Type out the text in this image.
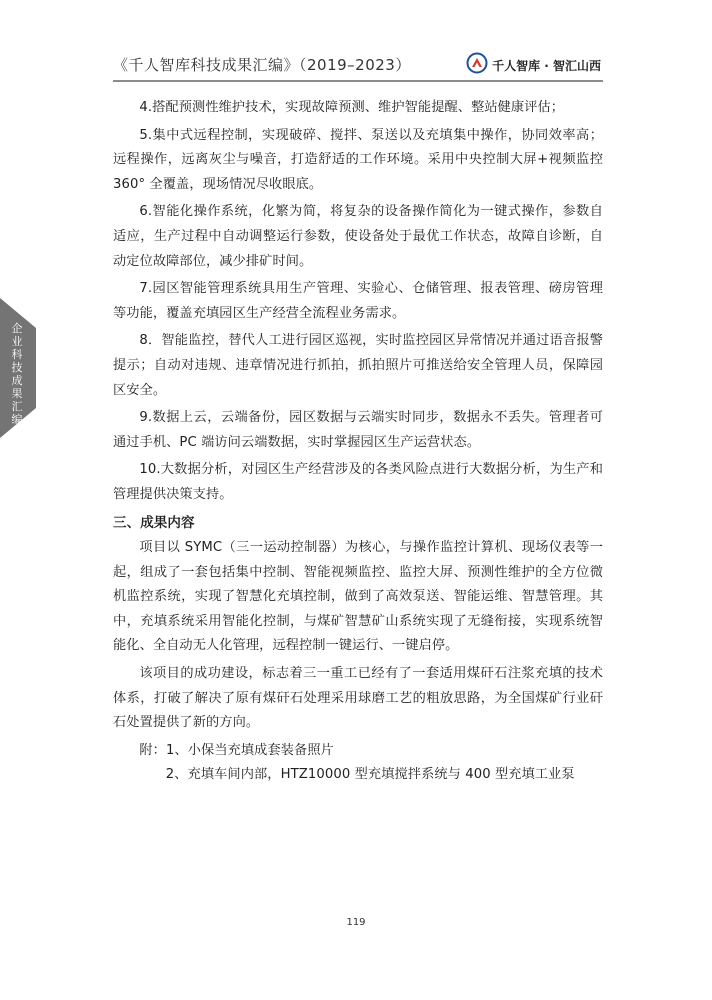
《千人智库科技成果汇编》（2019–2023）	千人智库 · 智汇山西
企业科技成果汇编

4.搭配预测性维护技术，实现故障预测、维护智能提醒、整站健康评估；

5.集中式远程控制，实现破碎、搅拌、泵送以及充填集中操作，协同效率高；远程操作，远离灰尘与噪音，打造舒适的工作环境。采用中央控制大屏+视频监控 360° 全覆盖，现场情况尽收眼底。

6.智能化操作系统，化繁为简，将复杂的设备操作简化为一键式操作，参数自适应，生产过程中自动调整运行参数，使设备处于最优工作状态，故障自诊断，自动定位故障部位，减少排矿时间。

7.园区智能管理系统具用生产管理、实验心、仓储管理、报表管理、磅房管理等功能，覆盖充填园区生产经营全流程业务需求。

8．智能监控，替代人工进行园区巡视，实时监控园区异常情况并通过语音报警提示；自动对违规、违章情况进行抓拍，抓拍照片可推送给安全管理人员，保障园区安全。

9.数据上云，云端备份，园区数据与云端实时同步，数据永不丢失。管理者可通过手机、PC 端访问云端数据，实时掌握园区生产运营状态。

10.大数据分析，对园区生产经营涉及的各类风险点进行大数据分析，为生产和管理提供决策支持。

三、成果内容

项目以 SYMC（三一运动控制器）为核心，与操作监控计算机、现场仪表等一起，组成了一套包括集中控制、智能视频监控、监控大屏、预测性维护的全方位微机监控系统，实现了智慧化充填控制，做到了高效泵送、智能运维、智慧管理。其中，充填系统采用智能化控制，与煤矿智慧矿山系统实现了无缝衔接，实现系统智能化、全自动无人化管理，远程控制一键运行、一键启停。

该项目的成功建设，标志着三一重工已经有了一套适用煤矸石注浆充填的技术体系，打破了解决了原有煤矸石处理采用球磨工艺的粗放思路，为全国煤矿行业矸石处置提供了新的方向。

附：1、小保当充填成套装备照片

2、充填车间内部，HTZ10000 型充填搅拌系统与 400 型充填工业泵

119
